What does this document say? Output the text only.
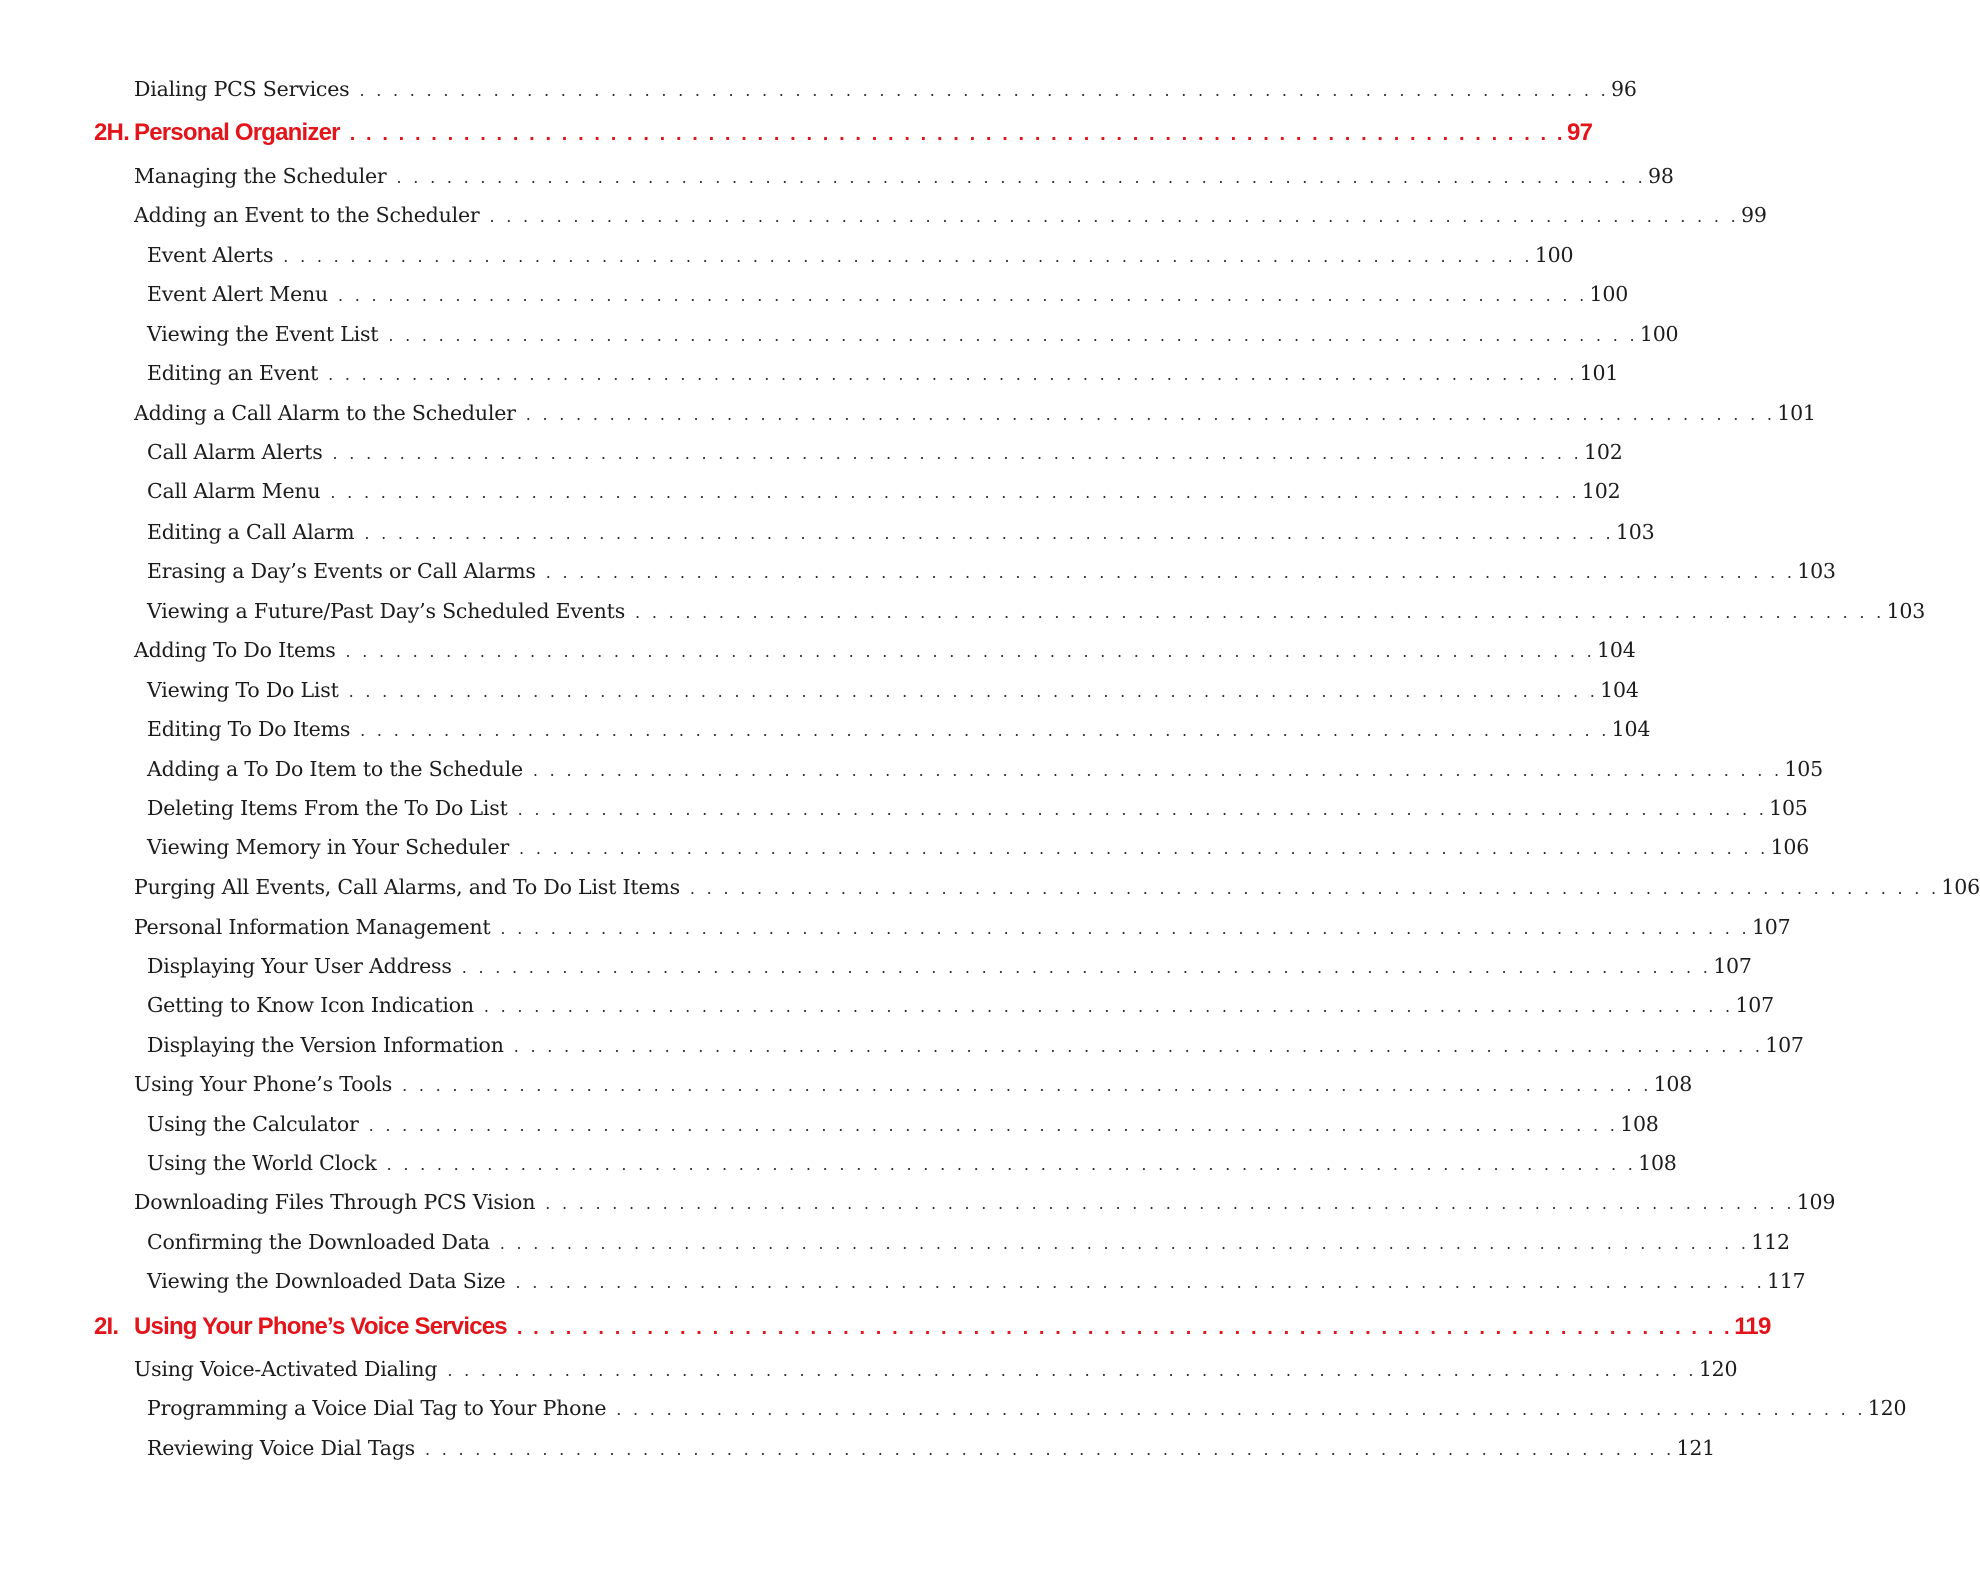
Dialing PCS Services . . . . . . . . . . . . . . . . . . . . . . . . . . . . . . . . . . . . . . . . . . . . . . . . . . . . . . . . . . . . . . . . . . . . . . . . . . . 96
2H. Personal Organizer . . . . . . . . . . . . . . . . . . . . . . . . . . . . . . . . . . . . . . . . . . . . . . . . . . . . . . . . . . . . . . . . . . . . . . . . . . . 97
Managing the Scheduler . . . . . . . . . . . . . . . . . . . . . . . . . . . . . . . . . . . . . . . . . . . . . . . . . . . . . . . . . . . . . . . . . . . . . . . . . . . 98
Adding an Event to the Scheduler . . . . . . . . . . . . . . . . . . . . . . . . . . . . . . . . . . . . . . . . . . . . . . . . . . . . . . . . . . . . . . . . . . . . . . . . . . . 99
Event Alerts . . . . . . . . . . . . . . . . . . . . . . . . . . . . . . . . . . . . . . . . . . . . . . . . . . . . . . . . . . . . . . . . . . . . . . . . . . . 100
Event Alert Menu . . . . . . . . . . . . . . . . . . . . . . . . . . . . . . . . . . . . . . . . . . . . . . . . . . . . . . . . . . . . . . . . . . . . . . . . . . . 100
Viewing the Event List . . . . . . . . . . . . . . . . . . . . . . . . . . . . . . . . . . . . . . . . . . . . . . . . . . . . . . . . . . . . . . . . . . . . . . . . . . . 100
Editing an Event . . . . . . . . . . . . . . . . . . . . . . . . . . . . . . . . . . . . . . . . . . . . . . . . . . . . . . . . . . . . . . . . . . . . . . . . . . . 101
Adding a Call Alarm to the Scheduler . . . . . . . . . . . . . . . . . . . . . . . . . . . . . . . . . . . . . . . . . . . . . . . . . . . . . . . . . . . . . . . . . . . . . . . . . . . 101
Call Alarm Alerts . . . . . . . . . . . . . . . . . . . . . . . . . . . . . . . . . . . . . . . . . . . . . . . . . . . . . . . . . . . . . . . . . . . . . . . . . . . 102
Call Alarm Menu . . . . . . . . . . . . . . . . . . . . . . . . . . . . . . . . . . . . . . . . . . . . . . . . . . . . . . . . . . . . . . . . . . . . . . . . . . . 102
Editing a Call Alarm . . . . . . . . . . . . . . . . . . . . . . . . . . . . . . . . . . . . . . . . . . . . . . . . . . . . . . . . . . . . . . . . . . . . . . . . . . . 103
Erasing a Day’s Events or Call Alarms . . . . . . . . . . . . . . . . . . . . . . . . . . . . . . . . . . . . . . . . . . . . . . . . . . . . . . . . . . . . . . . . . . . . . . . . . . . 103
Viewing a Future/Past Day’s Scheduled Events . . . . . . . . . . . . . . . . . . . . . . . . . . . . . . . . . . . . . . . . . . . . . . . . . . . . . . . . . . . . . . . . . . . . . . . . . . . 103
Adding To Do Items . . . . . . . . . . . . . . . . . . . . . . . . . . . . . . . . . . . . . . . . . . . . . . . . . . . . . . . . . . . . . . . . . . . . . . . . . . . 104
Viewing To Do List . . . . . . . . . . . . . . . . . . . . . . . . . . . . . . . . . . . . . . . . . . . . . . . . . . . . . . . . . . . . . . . . . . . . . . . . . . . 104
Editing To Do Items . . . . . . . . . . . . . . . . . . . . . . . . . . . . . . . . . . . . . . . . . . . . . . . . . . . . . . . . . . . . . . . . . . . . . . . . . . . 104
Adding a To Do Item to the Schedule . . . . . . . . . . . . . . . . . . . . . . . . . . . . . . . . . . . . . . . . . . . . . . . . . . . . . . . . . . . . . . . . . . . . . . . . . . . 105
Deleting Items From the To Do List . . . . . . . . . . . . . . . . . . . . . . . . . . . . . . . . . . . . . . . . . . . . . . . . . . . . . . . . . . . . . . . . . . . . . . . . . . . 105
Viewing Memory in Your Scheduler . . . . . . . . . . . . . . . . . . . . . . . . . . . . . . . . . . . . . . . . . . . . . . . . . . . . . . . . . . . . . . . . . . . . . . . . . . . 106
Purging All Events, Call Alarms, and To Do List Items . . . . . . . . . . . . . . . . . . . . . . . . . . . . . . . . . . . . . . . . . . . . . . . . . . . . . . . . . . . . . . . . . . . . . . . . . . . 106
Personal Information Management . . . . . . . . . . . . . . . . . . . . . . . . . . . . . . . . . . . . . . . . . . . . . . . . . . . . . . . . . . . . . . . . . . . . . . . . . . . 107
Displaying Your User Address . . . . . . . . . . . . . . . . . . . . . . . . . . . . . . . . . . . . . . . . . . . . . . . . . . . . . . . . . . . . . . . . . . . . . . . . . . . 107
Getting to Know Icon Indication . . . . . . . . . . . . . . . . . . . . . . . . . . . . . . . . . . . . . . . . . . . . . . . . . . . . . . . . . . . . . . . . . . . . . . . . . . . 107
Displaying the Version Information . . . . . . . . . . . . . . . . . . . . . . . . . . . . . . . . . . . . . . . . . . . . . . . . . . . . . . . . . . . . . . . . . . . . . . . . . . . 107
Using Your Phone’s Tools . . . . . . . . . . . . . . . . . . . . . . . . . . . . . . . . . . . . . . . . . . . . . . . . . . . . . . . . . . . . . . . . . . . . . . . . . . . 108
Using the Calculator . . . . . . . . . . . . . . . . . . . . . . . . . . . . . . . . . . . . . . . . . . . . . . . . . . . . . . . . . . . . . . . . . . . . . . . . . . . 108
Using the World Clock . . . . . . . . . . . . . . . . . . . . . . . . . . . . . . . . . . . . . . . . . . . . . . . . . . . . . . . . . . . . . . . . . . . . . . . . . . . 108
Downloading Files Through PCS Vision . . . . . . . . . . . . . . . . . . . . . . . . . . . . . . . . . . . . . . . . . . . . . . . . . . . . . . . . . . . . . . . . . . . . . . . . . . . 109
Confirming the Downloaded Data . . . . . . . . . . . . . . . . . . . . . . . . . . . . . . . . . . . . . . . . . . . . . . . . . . . . . . . . . . . . . . . . . . . . . . . . . . . 112
Viewing the Downloaded Data Size . . . . . . . . . . . . . . . . . . . . . . . . . . . . . . . . . . . . . . . . . . . . . . . . . . . . . . . . . . . . . . . . . . . . . . . . . . . 117
2I. Using Your Phone’s Voice Services . . . . . . . . . . . . . . . . . . . . . . . . . . . . . . . . . . . . . . . . . . . . . . . . . . . . . . . . . . . . . . . . . . . . . . . . . . . 119
Using Voice-Activated Dialing . . . . . . . . . . . . . . . . . . . . . . . . . . . . . . . . . . . . . . . . . . . . . . . . . . . . . . . . . . . . . . . . . . . . . . . . . . . 120
Programming a Voice Dial Tag to Your Phone . . . . . . . . . . . . . . . . . . . . . . . . . . . . . . . . . . . . . . . . . . . . . . . . . . . . . . . . . . . . . . . . . . . . . . . . . . . 120
Reviewing Voice Dial Tags . . . . . . . . . . . . . . . . . . . . . . . . . . . . . . . . . . . . . . . . . . . . . . . . . . . . . . . . . . . . . . . . . . . . . . . . . . . 121
